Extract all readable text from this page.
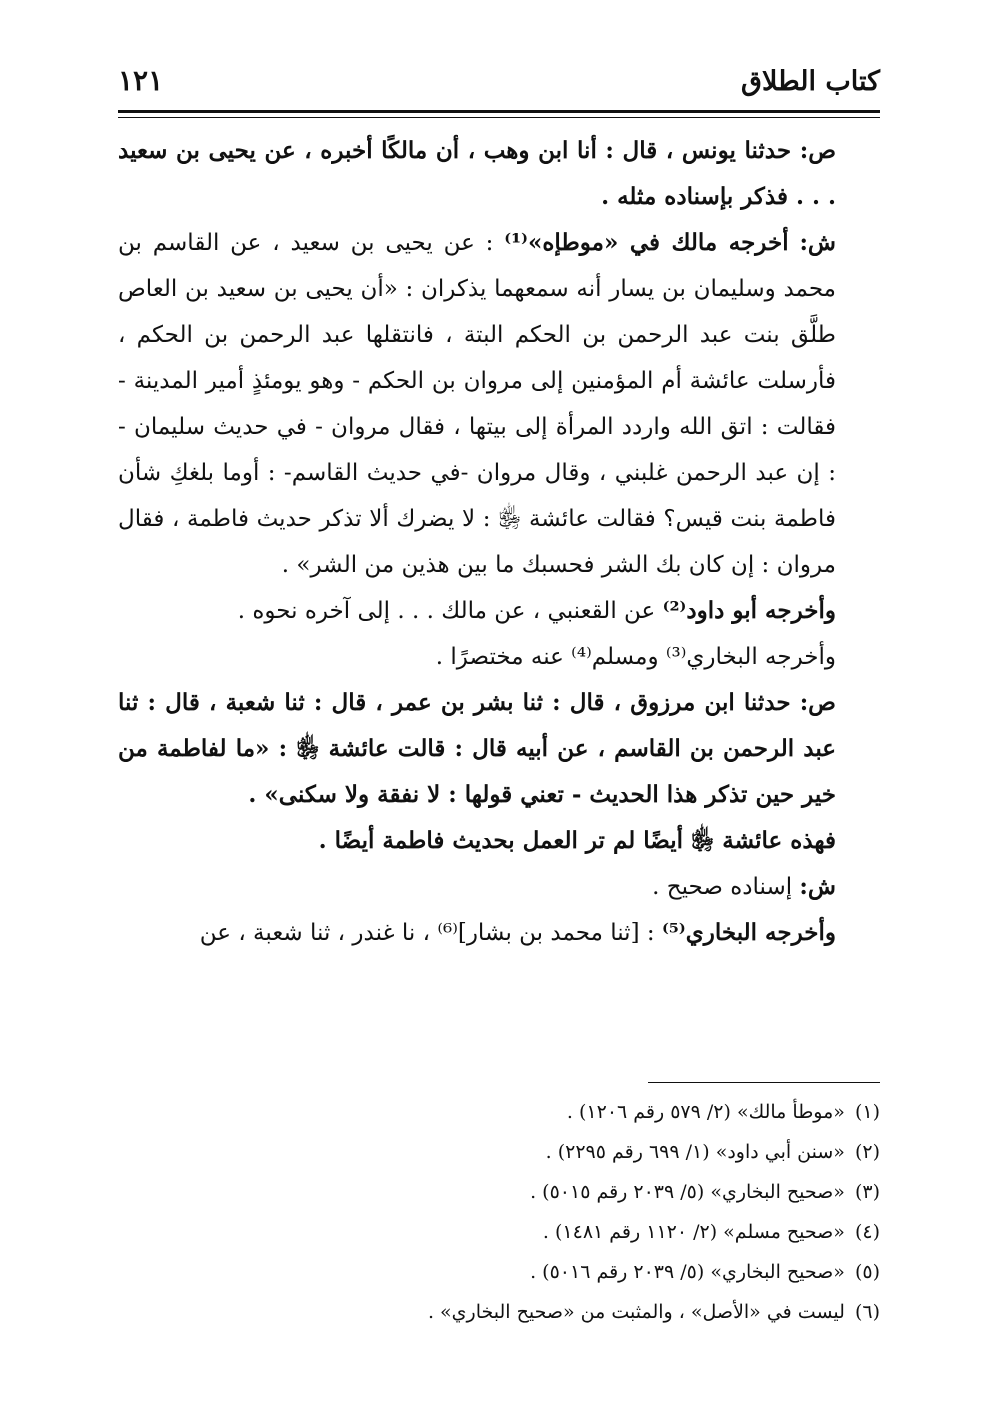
كتاب الطلاق
١٢١

ص: حدثنا يونس ، قال : أنا ابن وهب ، أن مالكًا أخبره ، عن يحيى بن سعيد . . . فذكر بإسناده مثله .

ش: أخرجه مالك في «موطإه»⁽¹⁾ : عن يحيى بن سعيد ، عن القاسم بن محمد وسليمان بن يسار أنه سمعهما يذكران : «أن يحيى بن سعيد بن العاص طلَّق بنت عبد الرحمن بن الحكم البتة ، فانتقلها عبد الرحمن بن الحكم ، فأرسلت عائشة أم المؤمنين إلى مروان بن الحكم - وهو يومئذٍ أمير المدينة - فقالت : اتق الله واردد المرأة إلى بيتها ، فقال مروان - في حديث سليمان - : إن عبد الرحمن غلبني ، وقال مروان -في حديث القاسم- : أوما بلغكِ شأن فاطمة بنت قيس؟ فقالت عائشة ﵂ : لا يضرك ألا تذكر حديث فاطمة ، فقال مروان : إن كان بك الشر فحسبك ما بين هذين من الشر» .

وأخرجه أبو داود⁽²⁾ عن القعنبي ، عن مالك . . . إلى آخره نحوه .

وأخرجه البخاري⁽³⁾ ومسلم⁽⁴⁾ عنه مختصرًا .

ص: حدثنا ابن مرزوق ، قال : ثنا بشر بن عمر ، قال : ثنا شعبة ، قال : ثنا عبد الرحمن بن القاسم ، عن أبيه قال : قالت عائشة ﵂ : «ما لفاطمة من خير حين تذكر هذا الحديث - تعني قولها : لا نفقة ولا سكنى» .

فهذه عائشة ﵂ أيضًا لم تر العمل بحديث فاطمة أيضًا .

ش: إسناده صحيح .

وأخرجه البخاري⁽⁵⁾ : [ثنا محمد بن بشار]⁽⁶⁾ ، نا غندر ، ثنا شعبة ، عن

(١)«موطأ مالك» (٢/ ٥٧٩ رقم ١٢٠٦) .

(٢)«سنن أبي داود» (١/ ٦٩٩ رقم ٢٢٩٥) .

(٣)«صحيح البخاري» (٥/ ٢٠٣٩ رقم ٥٠١٥) .

(٤)«صحيح مسلم» (٢/ ١١٢٠ رقم ١٤٨١) .

(٥)«صحيح البخاري» (٥/ ٢٠٣٩ رقم ٥٠١٦) .

(٦)ليست في «الأصل» ، والمثبت من «صحيح البخاري» .
